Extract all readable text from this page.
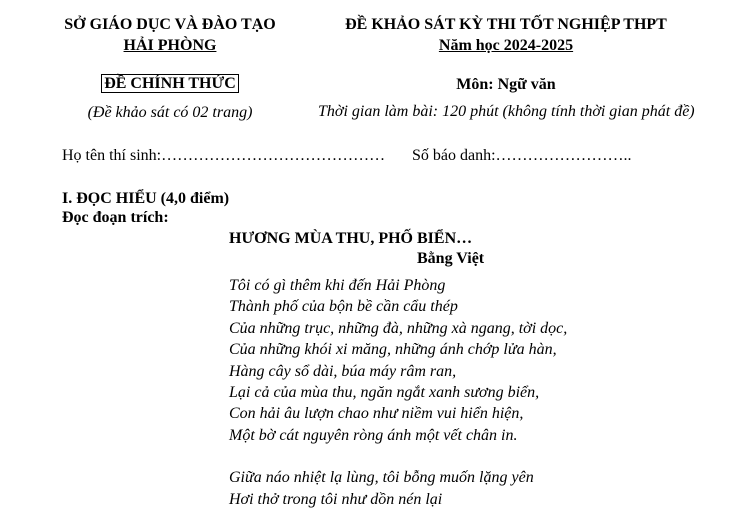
SỞ GIÁO DỤC VÀ ĐÀO TẠO
HẢI PHÒNG
ĐỀ KHẢO SÁT KỲ THI TỐT NGHIỆP THPT
Năm học 2024-2025
ĐỀ CHÍNH THỨC
(Đề khảo sát có 02 trang)
Môn: Ngữ văn
Thời gian làm bài: 120 phút (không tính thời gian phát đề)
Họ tên thí sinh:…………………………………… Số báo danh:……………………..
I. ĐỌC HIỂU (4,0 điểm)
Đọc đoạn trích:
HƯƠNG MÙA THU, PHỐ BIỂN…
Bằng Việt
Tôi có gì thêm khi đến Hải Phòng
Thành phố của bộn bề cần cẩu thép
Của những trục, những đà, những xà ngang, tời dọc,
Của những khói xi măng, những ánh chớp lửa hàn,
Hàng cây sổ dài, búa máy râm ran,
Lại cả của mùa thu, ngăn ngắt xanh sương biển,
Con hải âu lượn chao như niềm vui hiển hiện,
Một bờ cát nguyên ròng ánh một vết chân in.
Giữa náo nhiệt lạ lùng, tôi bỗng muốn lặng yên
Hơi thở trong tôi như dồn nén lại
